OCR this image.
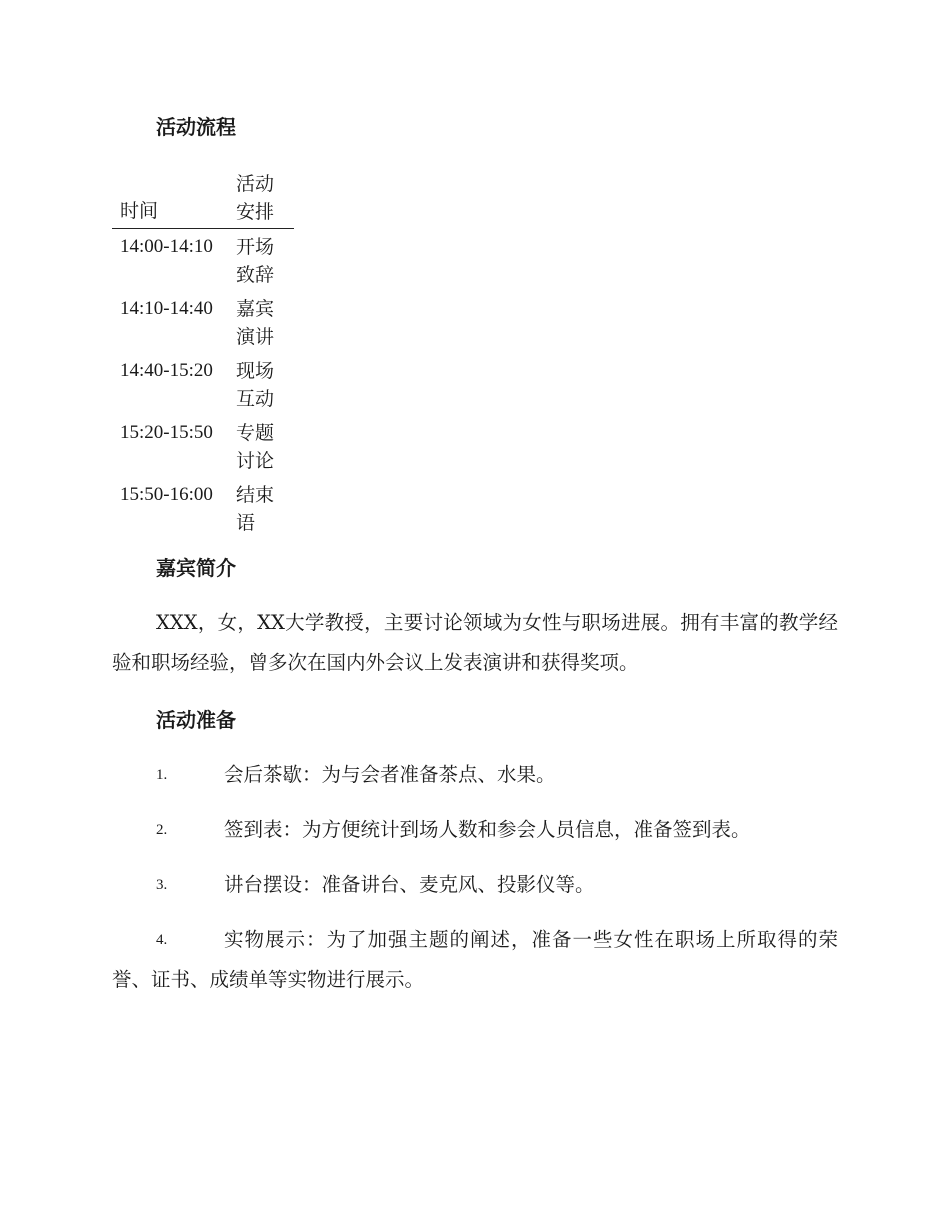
活动流程
时间
活动安排
14:00-14:10 开场致辞
14:10-14:40 嘉宾演讲
14:40-15:20 现场互动
15:20-15:50 专题讨论
15:50-16:00 结束语
嘉宾简介
XXX，女，XX大学教授，主要讨论领域为女性与职场进展。拥有丰富的教学经验和职场经验，曾多次在国内外会议上发表演讲和获得奖项。
活动准备
1.	会后茶歇：为与会者准备茶点、水果。
2.	签到表：为方便统计到场人数和参会人员信息，准备签到表。
3.	讲台摆设：准备讲台、麦克风、投影仪等。
4.	实物展示：为了加强主题的阐述，准备一些女性在职场上所取得的荣誉、证书、成绩单等实物进行展示。
